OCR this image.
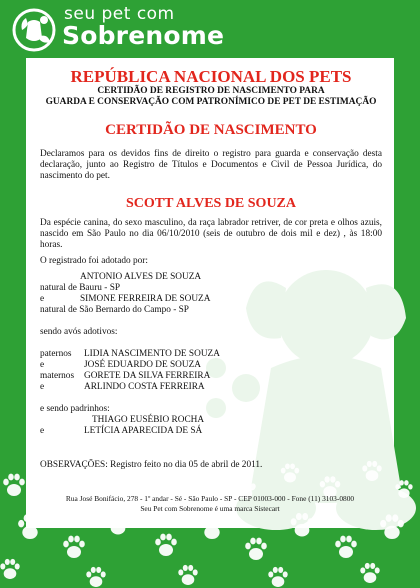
seu pet com
Sobrenome
REPÚBLICA NACIONAL DOS PETS
CERTIDÃO DE REGISTRO DE NASCIMENTO PARA
GUARDA E CONSERVAÇÃO COM PATRONÍMICO DE PET DE ESTIMAÇÃO
CERTIDÃO DE NASCIMENTO

Declaramos para os devidos fins de direito o registro para guarda e conservação desta declaração, junto ao Registro de Títulos e Documentos e Civil de Pessoa Jurídica, do nascimento do pet.

SCOTT ALVES DE SOUZA

Da espécie canina, do sexo masculino, da raça labrador retriver, de cor preta e olhos azuis, nascido em São Paulo no dia 06/10/2010 (seis de outubro de dois mil e dez) , às 18:00 horas.

O registrado foi adotado por:

ANTONIO ALVES DE SOUZA

natural de Bauru - SP

e	SIMONE FERREIRA DE SOUZA

natural de São Bernardo do Campo - SP

sendo avós adotivos:

paternos	LIDIA NASCIMENTO DE SOUZA
e	JOSÉ EDUARDO DE SOUZA
maternos	GORETE DA SILVA FERREIRA
e	ARLINDO COSTA FERREIRA

e sendo padrinhos:

THIAGO EUSÉBIO ROCHA
e	LETÍCIA APARECIDA DE SÁ
OBSERVAÇÕES: Registro feito no dia 05 de abril de 2011.
Rua José Bonifácio, 278 - 1º andar - Sé - São Paulo - SP - CEP 01003-000 - Fone (11) 3103-0800
Seu Pet com Sobrenome é uma marca Sistecart
